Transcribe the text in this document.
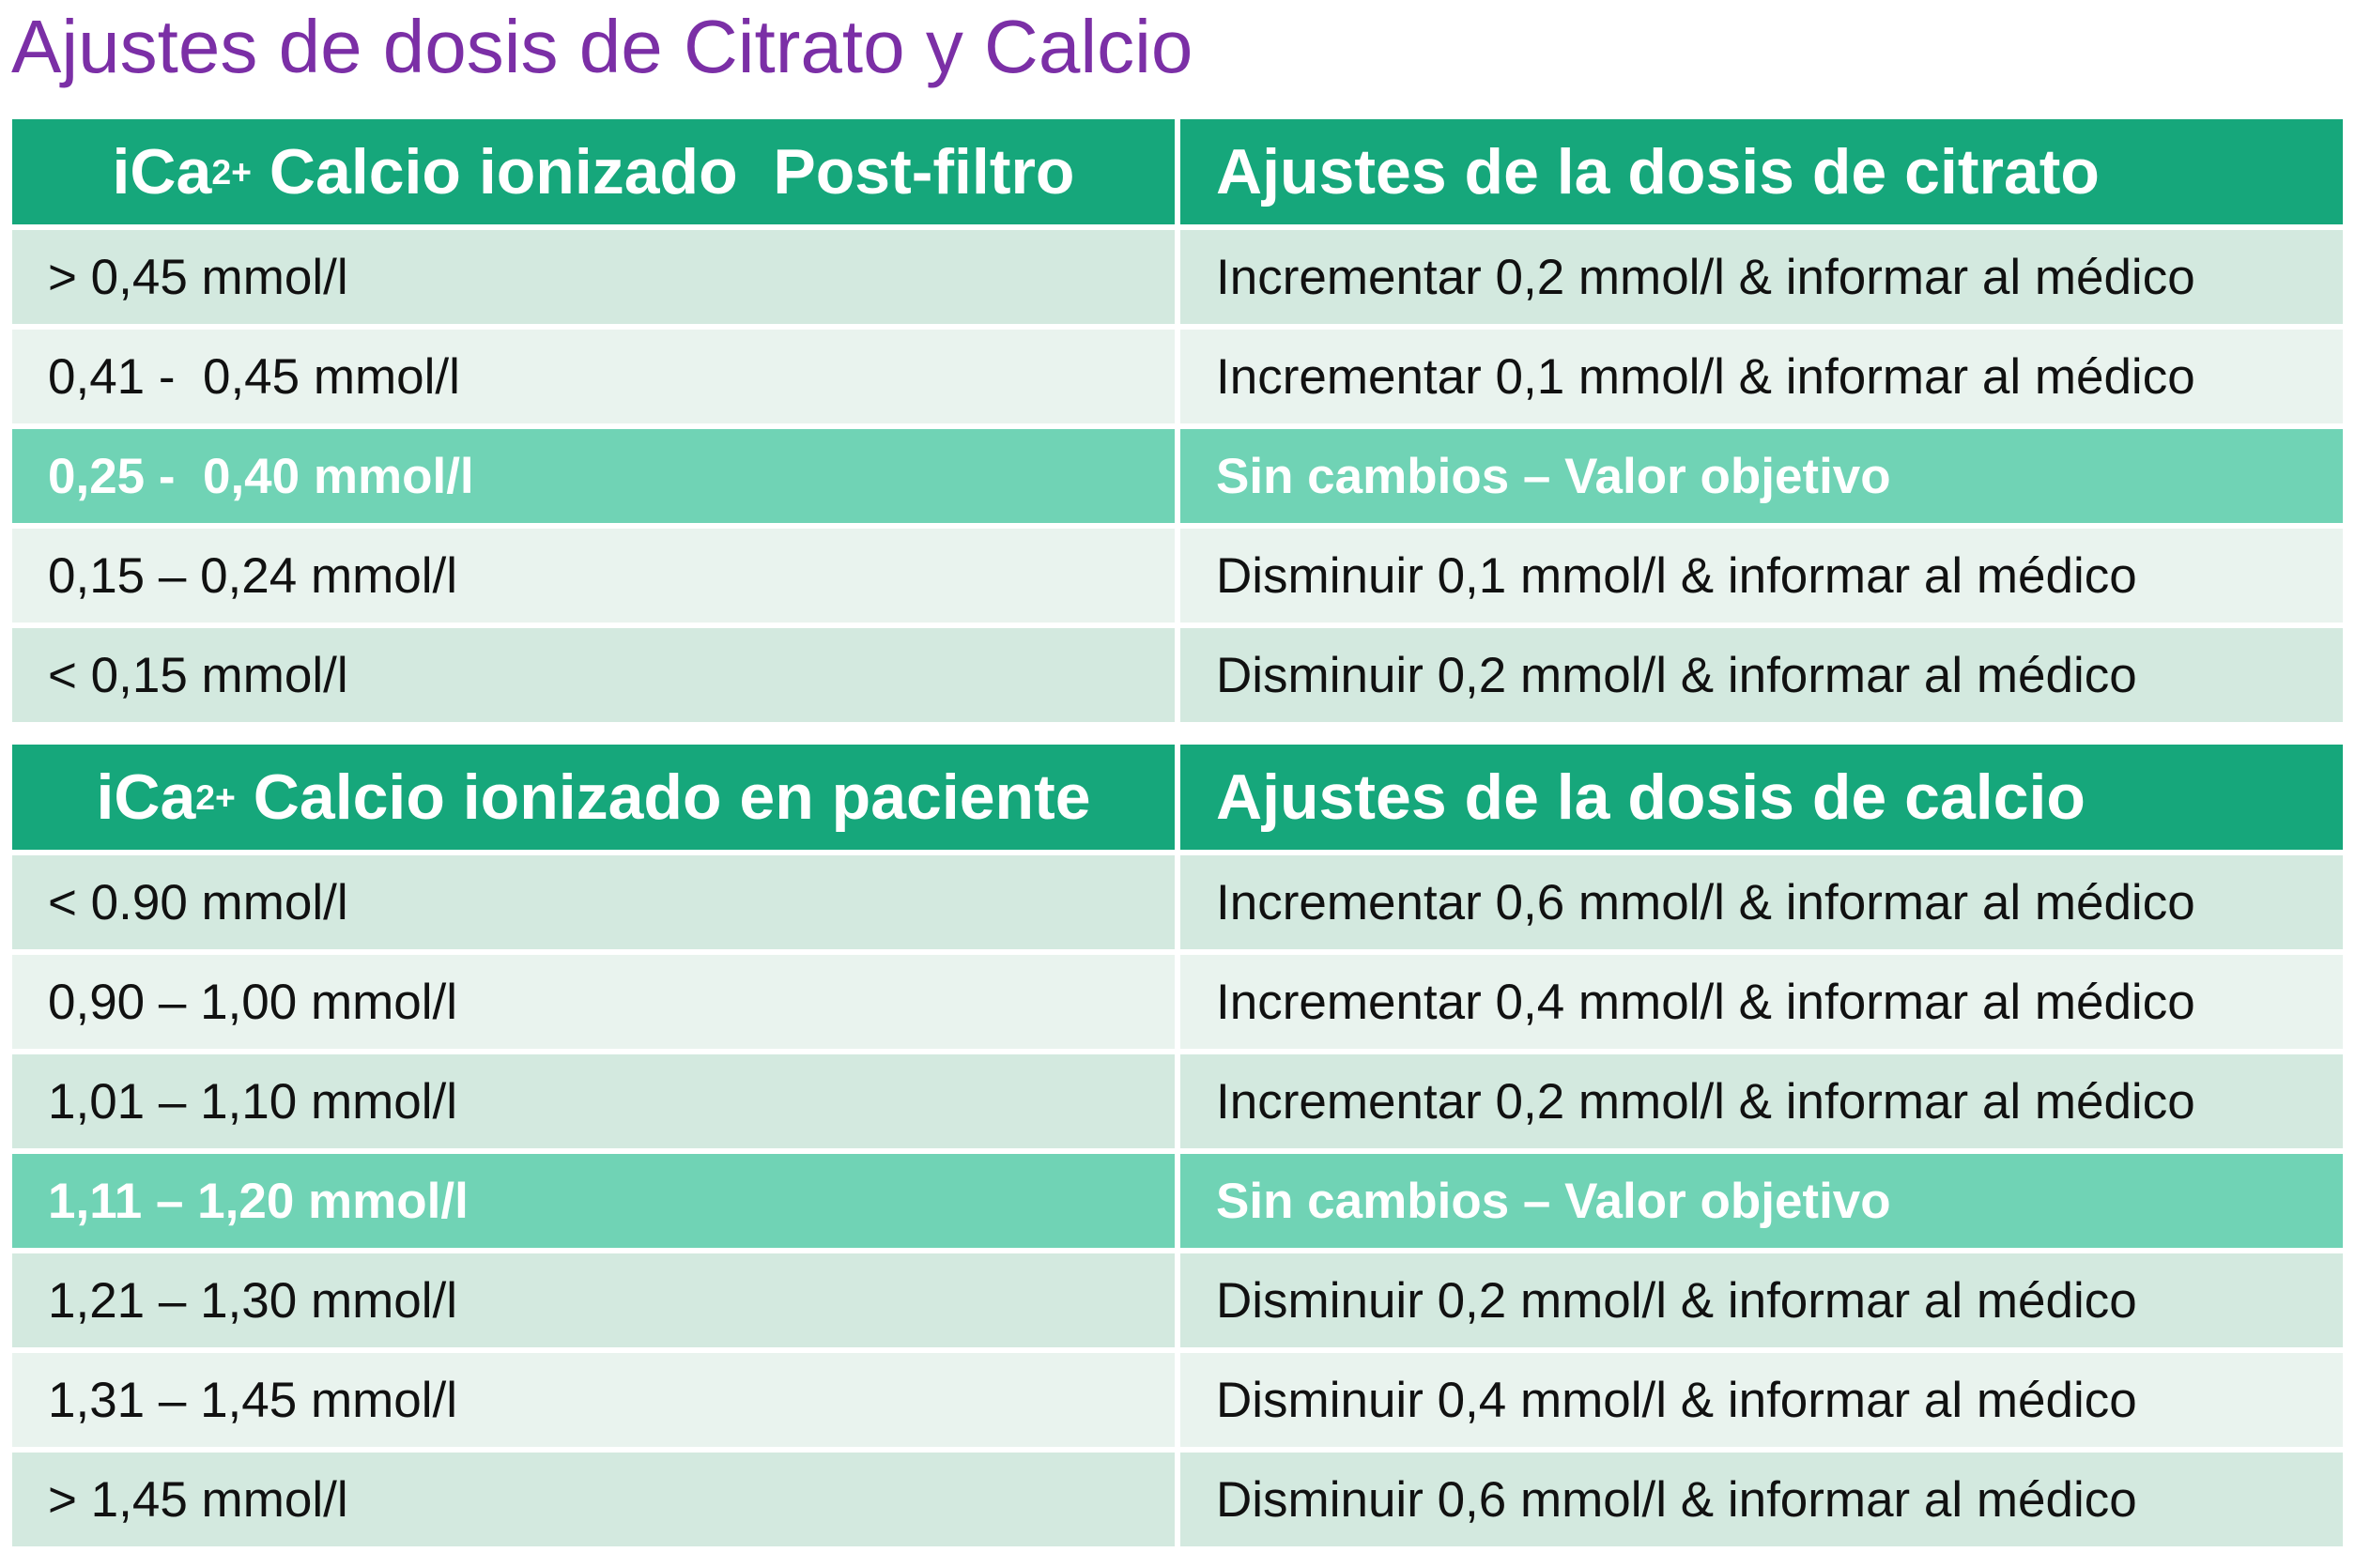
Ajustes de dosis de Citrato y Calcio
iCa 2+ Calcio ionizado  Post-filtro	Ajustes de la dosis de citrato
> 0,45 mmol/l	Incrementar 0,2 mmol/l & informar al médico
0,41 -  0,45 mmol/l	Incrementar 0,1 mmol/l & informar al médico
0,25 -  0,40 mmol/l	Sin cambios – Valor objetivo
0,15 – 0,24 mmol/l	Disminuir 0,1 mmol/l & informar al médico
< 0,15 mmol/l	Disminuir 0,2 mmol/l & informar al médico
iCa 2+ Calcio ionizado en paciente	Ajustes de la dosis de calcio
< 0.90 mmol/l	Incrementar 0,6 mmol/l & informar al médico
0,90 – 1,00 mmol/l	Incrementar 0,4 mmol/l & informar al médico
1,01 – 1,10 mmol/l	Incrementar 0,2 mmol/l & informar al médico
1,11 – 1,20 mmol/l	Sin cambios – Valor objetivo
1,21 – 1,30 mmol/l	Disminuir 0,2 mmol/l & informar al médico
1,31 – 1,45 mmol/l	Disminuir 0,4 mmol/l & informar al médico
> 1,45 mmol/l	Disminuir 0,6 mmol/l & informar al médico
